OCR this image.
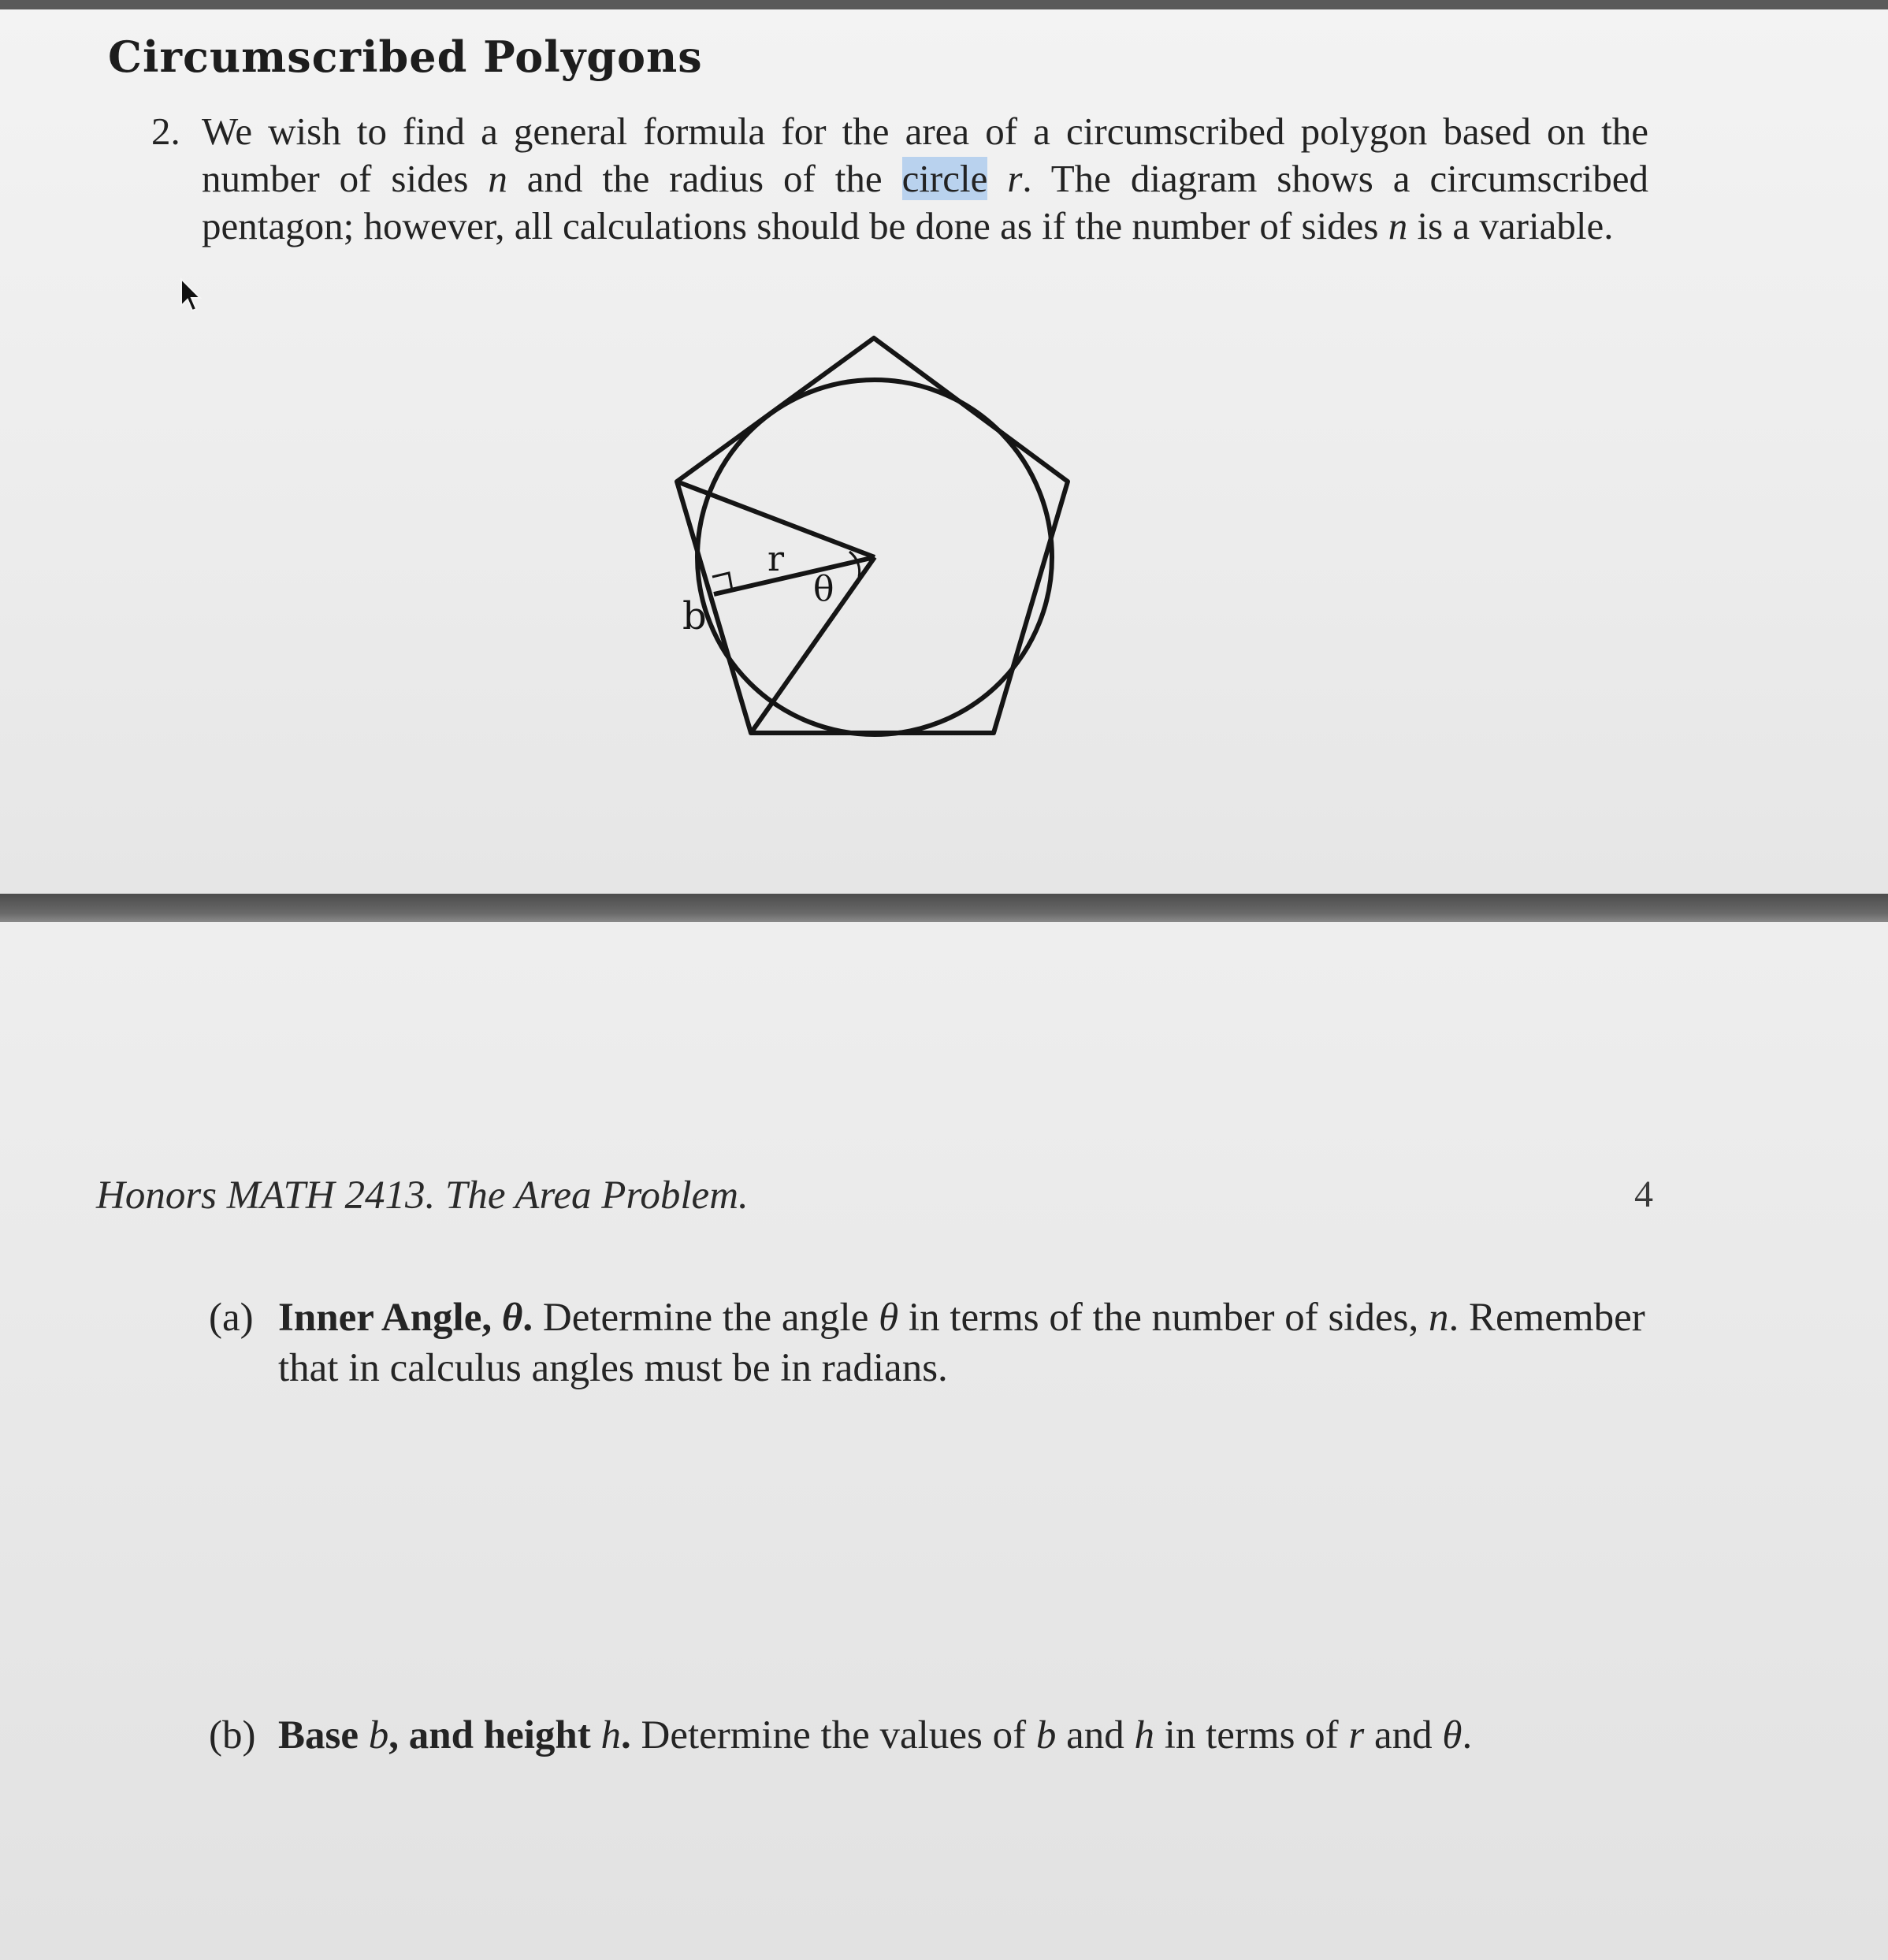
Circumscribed Polygons
2. We wish to find a general formula for the area of a circumscribed polygon based on the number of sides n and the radius of the circle r. The diagram shows a circumscribed pentagon; however, all calculations should be done as if the number of sides n is a variable.
r
θ
b
Honors MATH 2413. The Area Problem.	4
(a) Inner Angle, θ. Determine the angle θ in terms of the number of sides, n. Remember that in calculus angles must be in radians.
(b) Base b, and height h. Determine the values of b and h in terms of r and θ.
